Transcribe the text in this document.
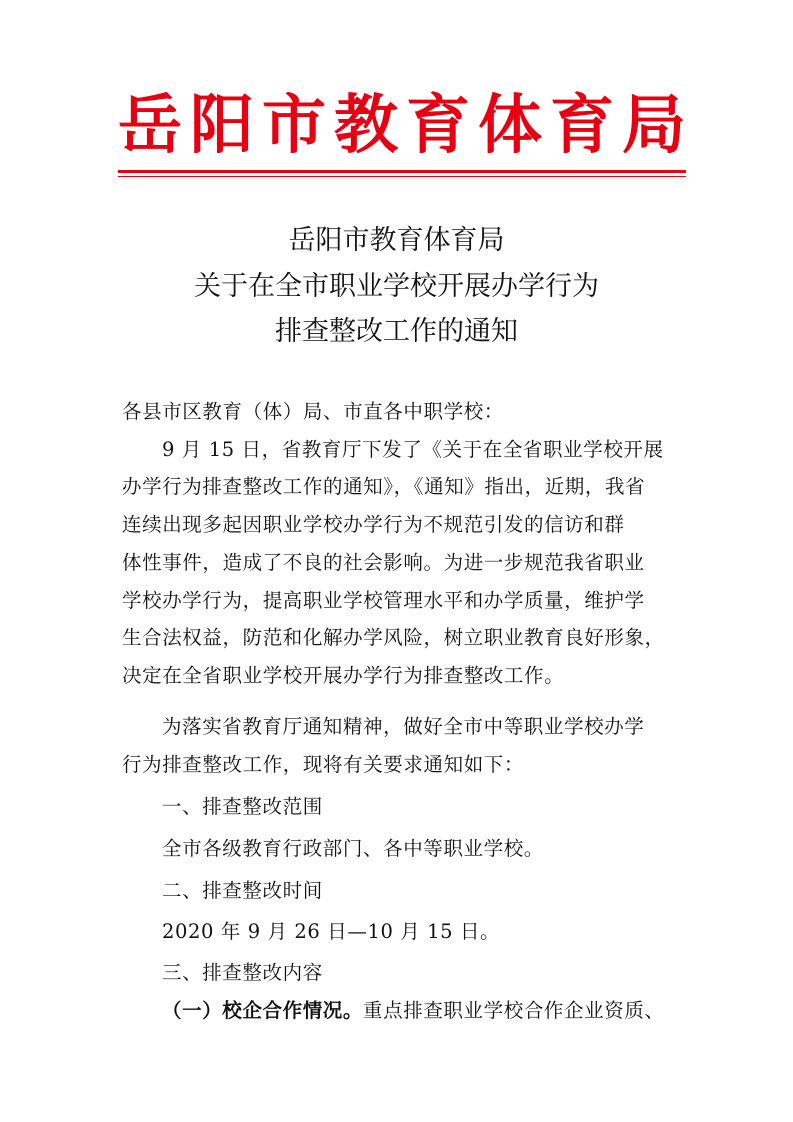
岳阳市教育体育局
岳阳市教育体育局
关于在全市职业学校开展办学行为
排查整改工作的通知
各县市区教育（体）局、市直各中职学校：
9 月 15 日，省教育厅下发了《关于在全省职业学校开展
办学行为排查整改工作的通知》，《通知》指出，近期，我省
连续出现多起因职业学校办学行为不规范引发的信访和群
体性事件，造成了不良的社会影响。为进一步规范我省职业
学校办学行为，提高职业学校管理水平和办学质量，维护学
生合法权益，防范和化解办学风险，树立职业教育良好形象，
决定在全省职业学校开展办学行为排查整改工作。
为落实省教育厅通知精神，做好全市中等职业学校办学
行为排查整改工作，现将有关要求通知如下：
一、排查整改范围
全市各级教育行政部门、各中等职业学校。
二、排查整改时间
2020 年 9 月 26 日—10 月 15 日。
三、排查整改内容
（一）校企合作情况。重点排查职业学校合作企业资质、
